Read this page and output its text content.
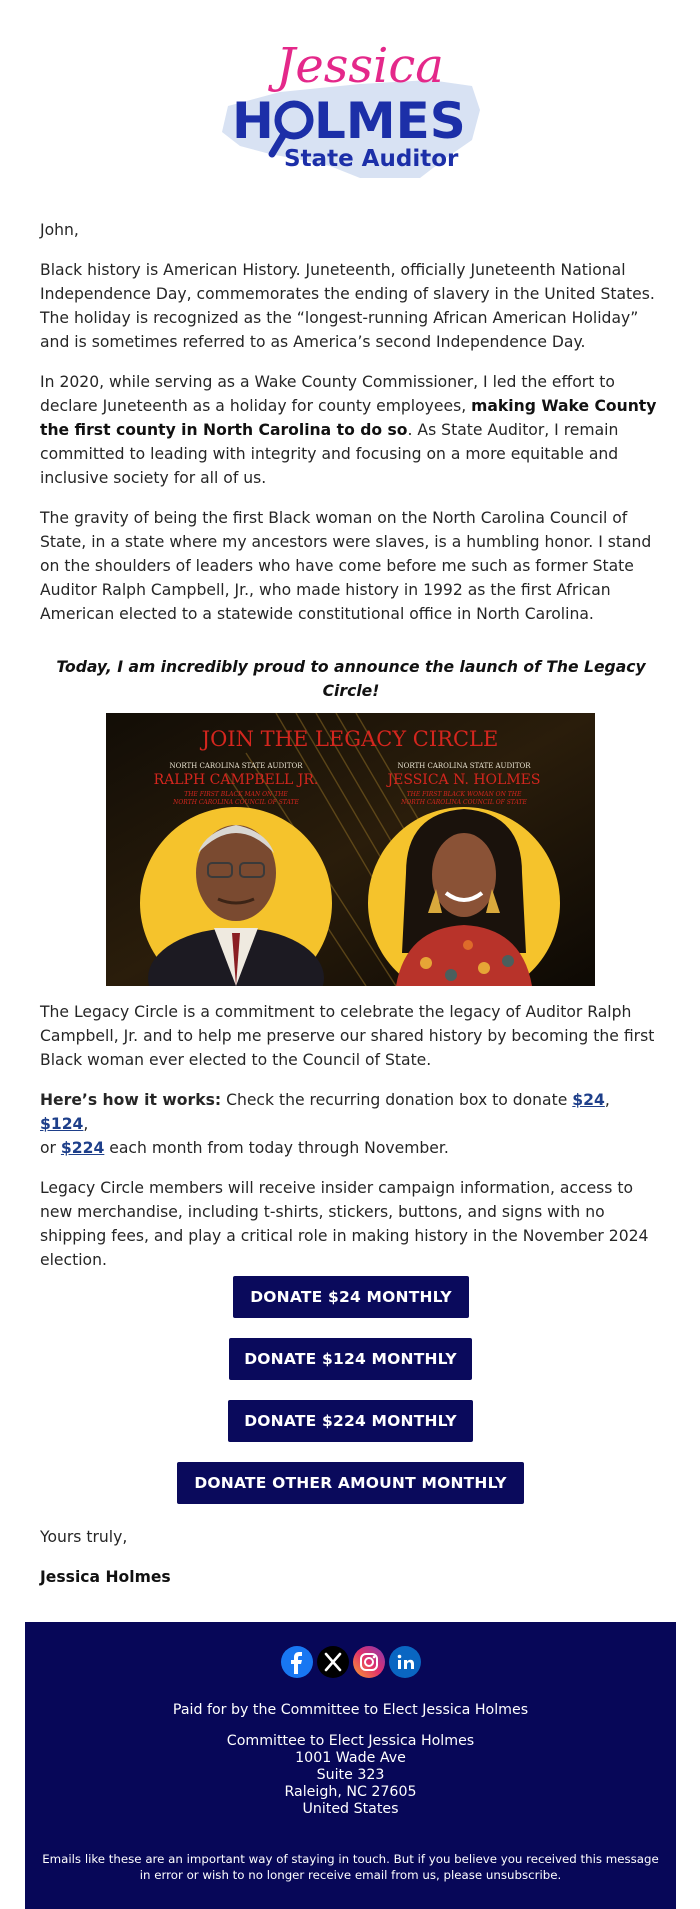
Jessica
H LMES
State Auditor

John,

Black history is American History. Juneteenth, officially Juneteenth National Independence Day, commemorates the ending of slavery in the United States. The holiday is recognized as the “longest-running African American Holiday” and is sometimes referred to as America’s second Independence Day.

In 2020, while serving as a Wake County Commissioner, I led the effort to declare Juneteenth as a holiday for county employees, making Wake County the first county in North Carolina to do so. As State Auditor, I remain committed to leading with integrity and focusing on a more equitable and inclusive society for all of us.

The gravity of being the first Black woman on the North Carolina Council of State, in a state where my ancestors were slaves, is a humbling honor. I stand on the shoulders of leaders who have come before me such as former State Auditor Ralph Campbell, Jr., who made history in 1992 as the first African American elected to a statewide constitutional office in North Carolina.

Today, I am incredibly proud to announce the launch of The Legacy Circle!
JOIN THE LEGACY CIRCLE
NORTH CAROLINA STATE AUDITOR
RALPH CAMPBELL JR.
THE FIRST BLACK MAN ON THE
NORTH CAROLINA COUNCIL OF STATE
NORTH CAROLINA STATE AUDITOR
JESSICA N. HOLMES
THE FIRST BLACK WOMAN ON THE
NORTH CAROLINA COUNCIL OF STATE

The Legacy Circle is a commitment to celebrate the legacy of Auditor Ralph Campbell, Jr. and to help me preserve our shared history by becoming the first Black woman ever elected to the Council of State.

Here’s how it works: Check the recurring donation box to donate $24, $124,
or $224 each month from today through November.

Legacy Circle members will receive insider campaign information, access to new merchandise, including t-shirts, stickers, buttons, and signs with no shipping fees, and play a critical role in making history in the November 2024 election.

DONATE $24 MONTHLY
DONATE $124 MONTHLY
DONATE $224 MONTHLY
DONATE OTHER AMOUNT MONTHLY
Yours truly,
Jessica Holmes
Paid for by the Committee to Elect Jessica Holmes
Committee to Elect Jessica Holmes
1001 Wade Ave
Suite 323
Raleigh, NC 27605
United States
Emails like these are an important way of staying in touch. But if you believe you received this message in error or wish to no longer receive email from us, please unsubscribe.
